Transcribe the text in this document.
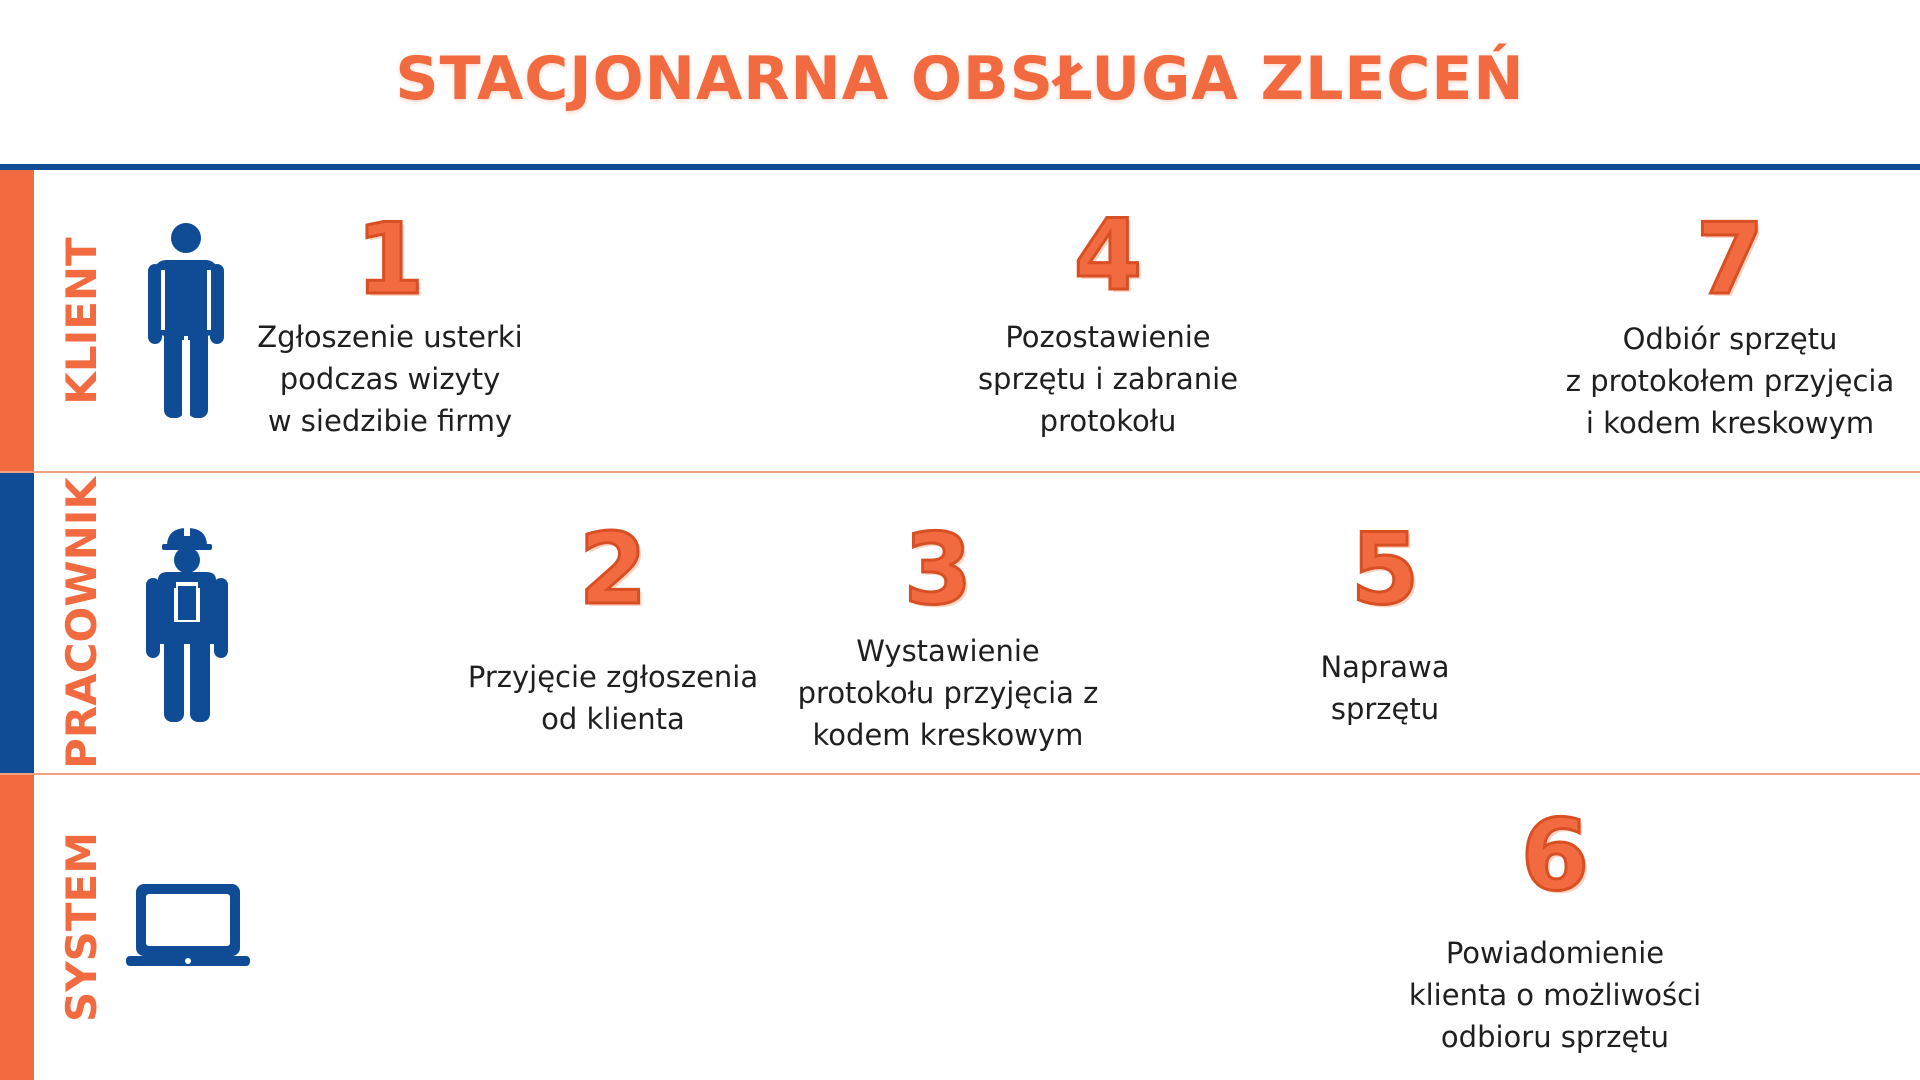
STACJONARNA OBSŁUGA ZLECEŃ
KLIENT
PRACOWNIK
SYSTEM
1
Zgłoszenie usterki
podczas wizyty
w siedzibie firmy
4
Pozostawienie
sprzętu i zabranie
protokołu
7
Odbiór sprzętu
z protokołem przyjęcia
i kodem kreskowym
2
Przyjęcie zgłoszenia
od klienta
3
Wystawienie
protokołu przyjęcia z
kodem kreskowym
5
Naprawa
sprzętu
6
Powiadomienie
klienta o możliwości
odbioru sprzętu
